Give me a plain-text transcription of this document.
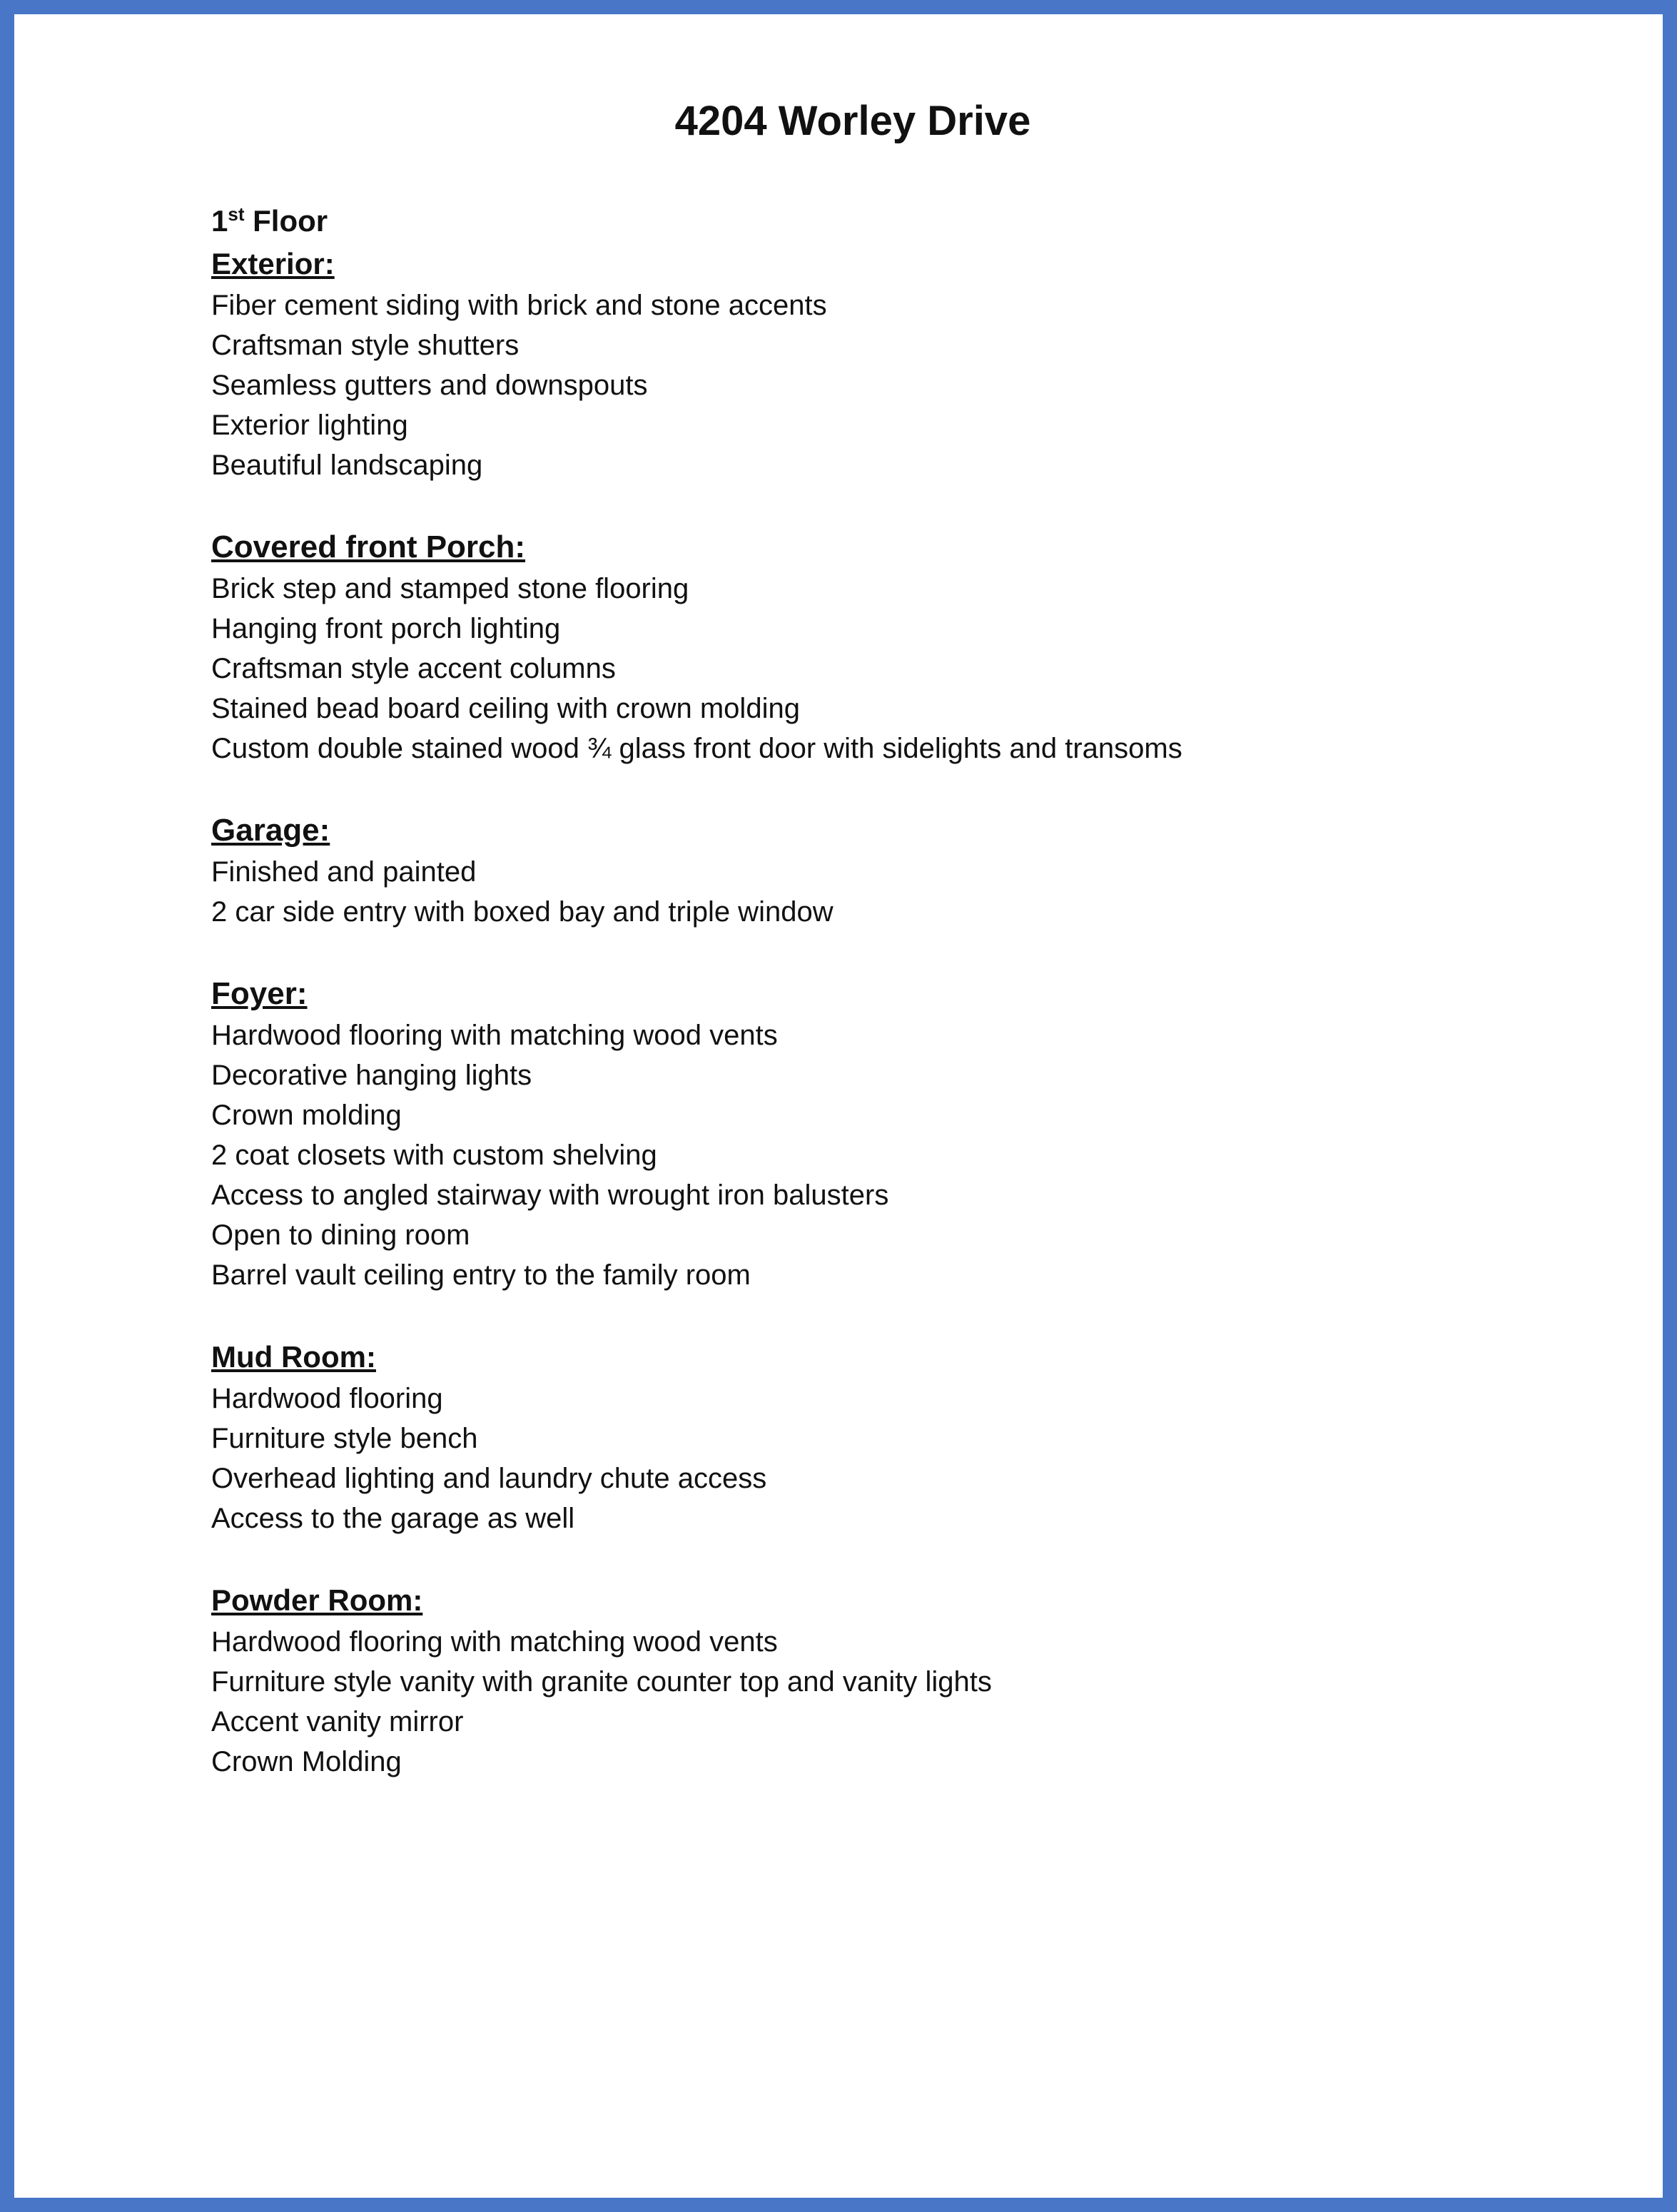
4204 Worley Drive

1st Floor

Exterior:
Fiber cement siding with brick and stone accents
Craftsman style shutters
Seamless gutters and downspouts
Exterior lighting
Beautiful landscaping
Covered front Porch:
Brick step and stamped stone flooring
Hanging front porch lighting
Craftsman style accent columns
Stained bead board ceiling with crown molding
Custom double stained wood ¾ glass front door with sidelights and transoms
Garage:
Finished and painted
2 car side entry with boxed bay and triple window
Foyer:
Hardwood flooring with matching wood vents
Decorative hanging lights
Crown molding
2 coat closets with custom shelving
Access to angled stairway with wrought iron balusters
Open to dining room
Barrel vault ceiling entry to the family room
Mud Room:
Hardwood flooring
Furniture style bench
Overhead lighting and laundry chute access
Access to the garage as well
Powder Room:
Hardwood flooring with matching wood vents
Furniture style vanity with granite counter top and vanity lights
Accent vanity mirror
Crown Molding
